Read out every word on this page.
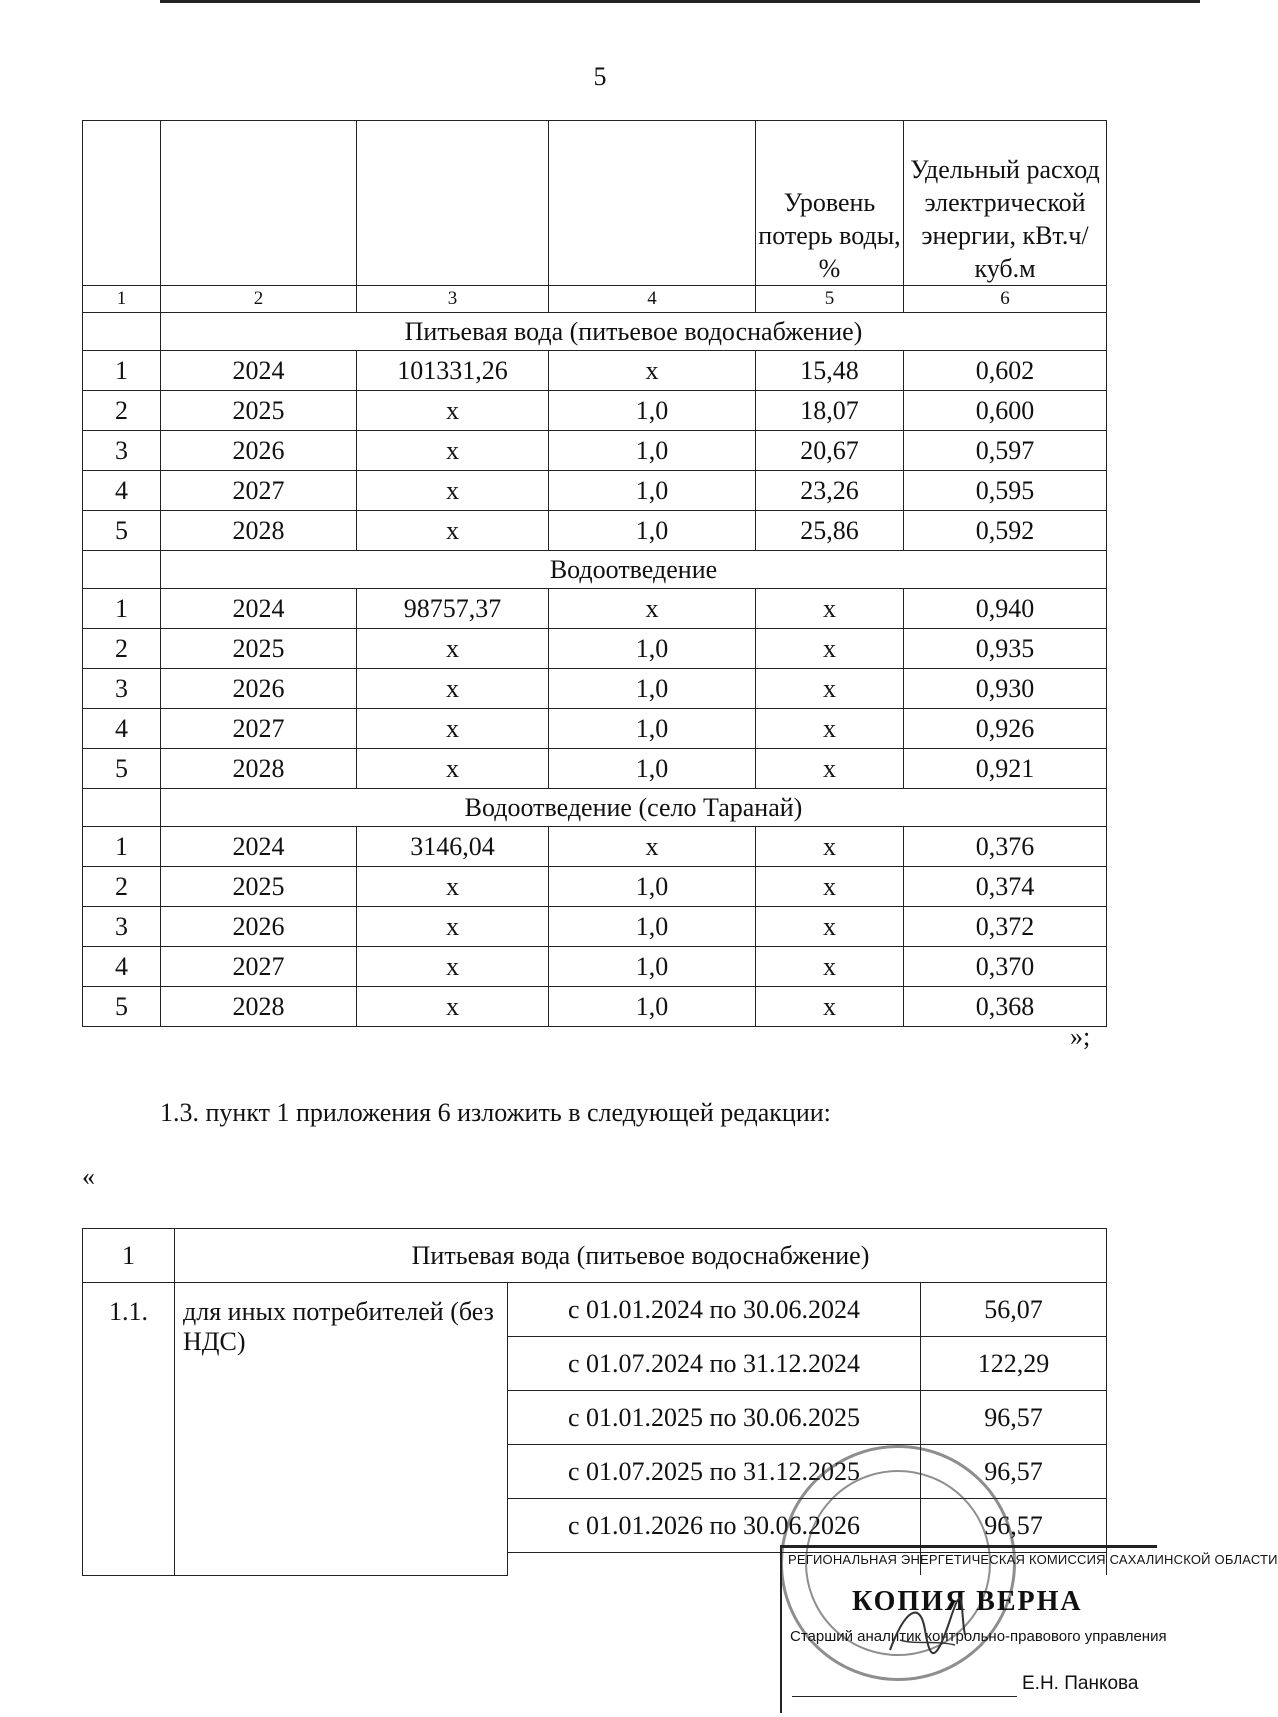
5
				Уровень потерь воды, %	Удельный расход электрической энергии, кВт.ч/куб.м
1	2	3	4	5	6
	Питьевая вода (питьевое водоснабжение)				
1	2024	101331,26	x	15,48	0,602
2	2025	x	1,0	18,07	0,600
3	2026	x	1,0	20,67	0,597
4	2027	x	1,0	23,26	0,595
5	2028	x	1,0	25,86	0,592
	Водоотведение				
1	2024	98757,37	x	x	0,940
2	2025	x	1,0	x	0,935
3	2026	x	1,0	x	0,930
4	2027	x	1,0	x	0,926
5	2028	x	1,0	x	0,921
	Водоотведение (село Таранай)				
1	2024	3146,04	x	x	0,376
2	2025	x	1,0	x	0,374
3	2026	x	1,0	x	0,372
4	2027	x	1,0	x	0,370
5	2028	x	1,0	x	0,368
»;
1.3. пункт 1 приложения 6 изложить в следующей редакции:
«
1	Питьевая вода (питьевое водоснабжение)		
1.1.	для иных потребителей (без НДС)	с 01.01.2024 по 30.06.2024	56,07
		с 01.07.2024 по 31.12.2024	122,29
		с 01.01.2025 по 30.06.2025	96,57
		с 01.07.2025 по 31.12.2025	96,57
		с 01.01.2026 по 30.06.2026	96,57

РЕГИОНАЛЬНАЯ ЭНЕРГЕТИЧЕСКАЯ КОМИССИЯ САХАЛИНСКОЙ ОБЛАСТИ
КОПИЯ ВЕРНА
Старший аналитик контрольно-правового управления
Е.Н. Панкова
